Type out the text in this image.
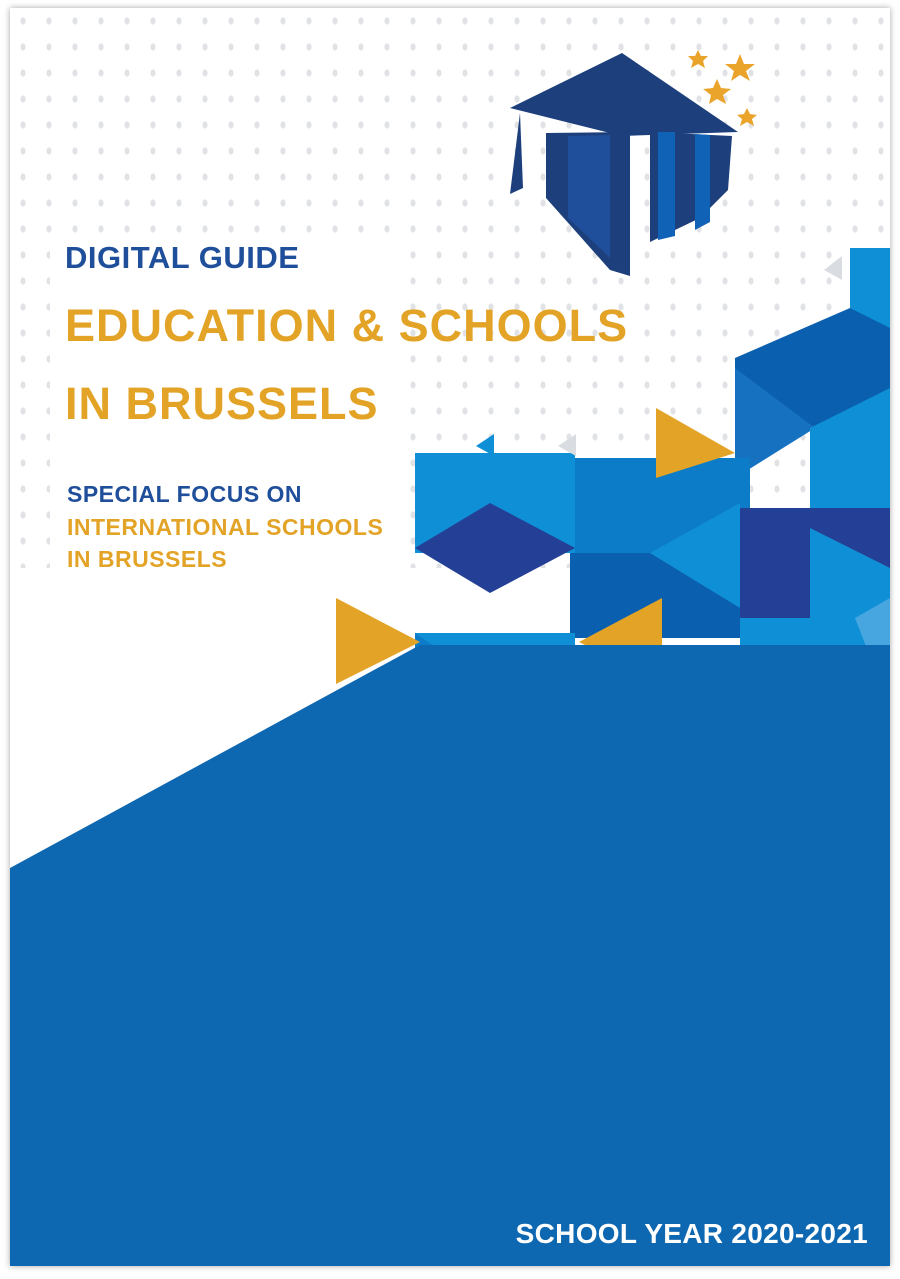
DIGITAL GUIDE
EDUCATION & SCHOOLS
IN BRUSSELS
SPECIAL FOCUS ON
INTERNATIONAL SCHOOLS
IN BRUSSELS
SCHOOL YEAR 2020-2021
